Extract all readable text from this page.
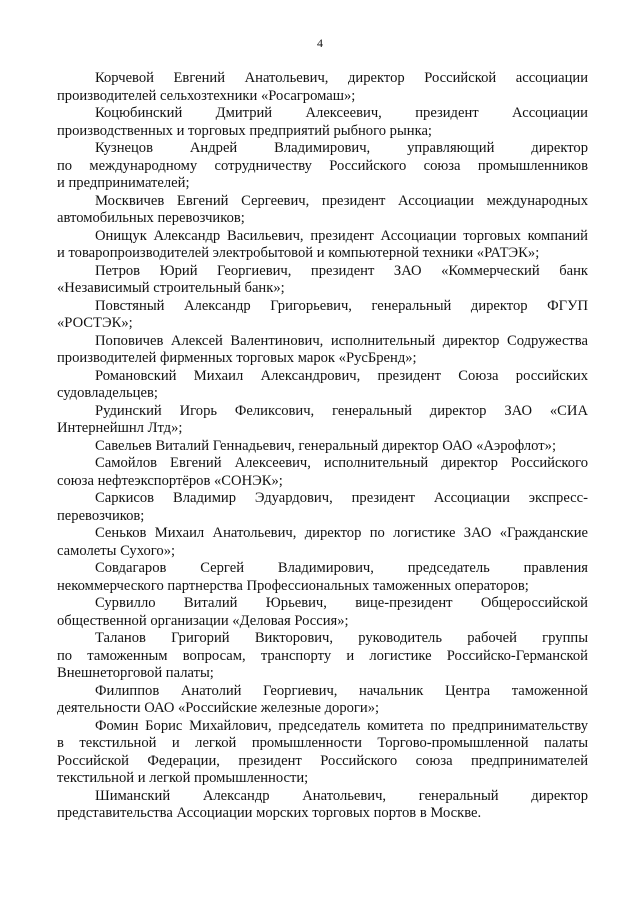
4

Корчевой Евгений Анатольевич, директор Российской ассоциации
производителей сельхозтехники «Росагромаш»;

Коцюбинский Дмитрий Алексеевич, президент Ассоциации
производственных и торговых предприятий рыбного рынка;

Кузнецов Андрей Владимирович, управляющий директор
по международному сотрудничеству Российского союза промышленников
и предпринимателей;

Москвичев Евгений Сергеевич, президент Ассоциации международных
автомобильных перевозчиков;

Онищук Александр Васильевич, президент Ассоциации торговых компаний
и товаропроизводителей электробытовой и компьютерной техники «РАТЭК»;

Петров Юрий Георгиевич, президент ЗАО «Коммерческий банк
«Независимый строительный банк»;

Повстяный Александр Григорьевич, генеральный директор ФГУП
«РОСТЭК»;

Поповичев Алексей Валентинович, исполнительный директор Содружества
производителей фирменных торговых марок «РусБренд»;

Романовский Михаил Александрович, президент Союза российских
судовладельцев;

Рудинский Игорь Феликсович, генеральный директор ЗАО «СИА
Интернейшнл Лтд»;

Савельев Виталий Геннадьевич, генеральный директор ОАО «Аэрофлот»;

Самойлов Евгений Алексеевич, исполнительный директор Российского
союза нефтеэкспортёров «СОНЭК»;

Саркисов Владимир Эдуардович, президент Ассоциации экспресс-
перевозчиков;

Сеньков Михаил Анатольевич, директор по логистике ЗАО «Гражданские
самолеты Сухого»;

Совдагаров Сергей Владимирович, председатель правления
некоммерческого партнерства Профессиональных таможенных операторов;

Сурвилло Виталий Юрьевич, вице-президент Общероссийской
общественной организации «Деловая Россия»;

Таланов Григорий Викторович, руководитель рабочей группы
по таможенным вопросам, транспорту и логистике Российско-Германской
Внешнеторговой палаты;

Филиппов Анатолий Георгиевич, начальник Центра таможенной
деятельности ОАО «Российские железные дороги»;

Фомин Борис Михайлович, председатель комитета по предпринимательству
в текстильной и легкой промышленности Торгово-промышленной палаты
Российской Федерации, президент Российского союза предпринимателей
текстильной и легкой промышленности;

Шиманский Александр Анатольевич, генеральный директор
представительства Ассоциации морских торговых портов в Москве.
